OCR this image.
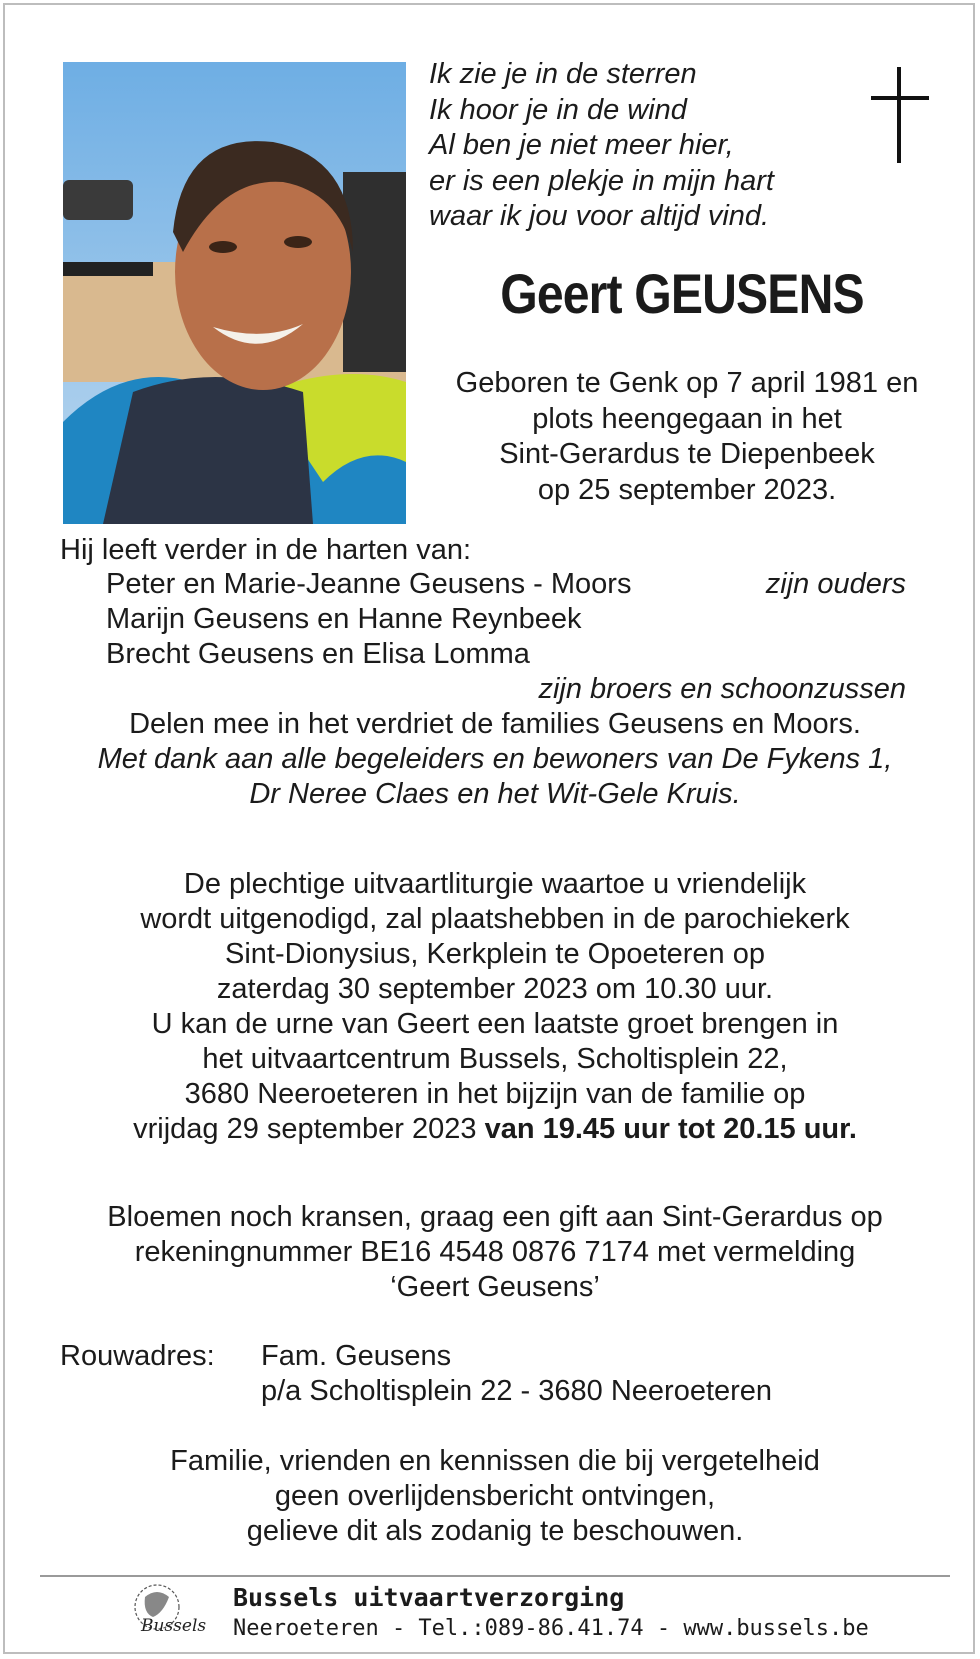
Ik zie je in de sterren
Ik hoor je in de wind
Al ben je niet meer hier,
er is een plekje in mijn hart
waar ik jou voor altijd vind.
Geert GEUSENS
Geboren te Genk op 7 april 1981 en
plots heengegaan in het
Sint-Gerardus te Diepenbeek
op 25 september 2023.
Hij leeft verder in de harten van:
Peter en Marie-Jeanne Geusens - Moors	zijn ouders
Marijn Geusens en Hanne Reynbeek
Brecht Geusens en Elisa Lomma
zijn broers en schoonzussen
Delen mee in het verdriet de families Geusens en Moors.
Met dank aan alle begeleiders en bewoners van De Fykens 1,
Dr Neree Claes en het Wit-Gele Kruis.
De plechtige uitvaartliturgie waartoe u vriendelijk
wordt uitgenodigd, zal plaatshebben in de parochiekerk
Sint-Dionysius, Kerkplein te Opoeteren op
zaterdag 30 september 2023 om 10.30 uur.
U kan de urne van Geert een laatste groet brengen in
het uitvaartcentrum Bussels, Scholtisplein 22,
3680 Neeroeteren in het bijzijn van de familie op
vrijdag 29 september 2023 van 19.45 uur tot 20.15 uur.
Bloemen noch kransen, graag een gift aan Sint-Gerardus op
rekeningnummer BE16 4548 0876 7174 met vermelding
‘Geert Geusens’
Rouwadres: Fam. Geusens
p/a Scholtisplein 22 - 3680 Neeroeteren
Familie, vrienden en kennissen die bij vergetelheid
geen overlijdensbericht ontvingen,
gelieve dit als zodanig te beschouwen.
Bussels
Bussels uitvaartverzorging
Neeroeteren - Tel.:089-86.41.74 - www.bussels.be
